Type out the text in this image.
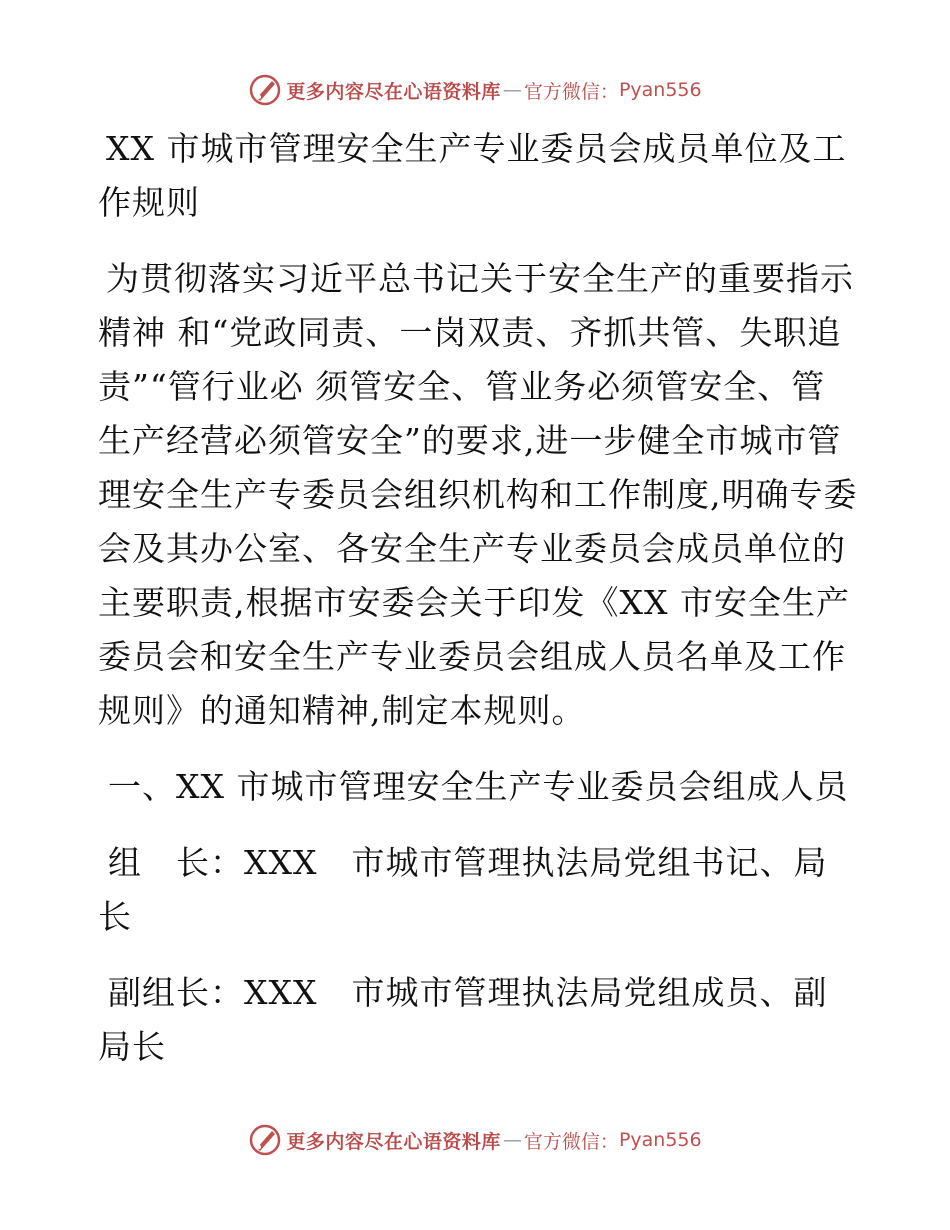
更多内容尽在心语资料库 — 官方微信： Pyan556

XX 市城市管理安全生产专业委员会成员单位及工作规则

为贯彻落实习近平总书记关于安全生产的重要指示精神 和“党政同责、一岗双责、齐抓共管、失职追责”“管行业必 须管安全、管业务必须管安全、管生产经营必须管安全”的要求,进一步健全市城市管理安全生产专委员会组织机构和工作制度,明确专委会及其办公室、各安全生产专业委员会成员单位的主要职责,根据市安委会关于印发《XX 市安全生产委员会和安全生产专业委员会组成人员名单及工作规则》的通知精神,制定本规则。

一、XX 市城市管理安全生产专业委员会组成人员

组　长：XXX　市城市管理执法局党组书记、局长

副组长：XXX　市城市管理执法局党组成员、副局长

更多内容尽在心语资料库 — 官方微信： Pyan556
